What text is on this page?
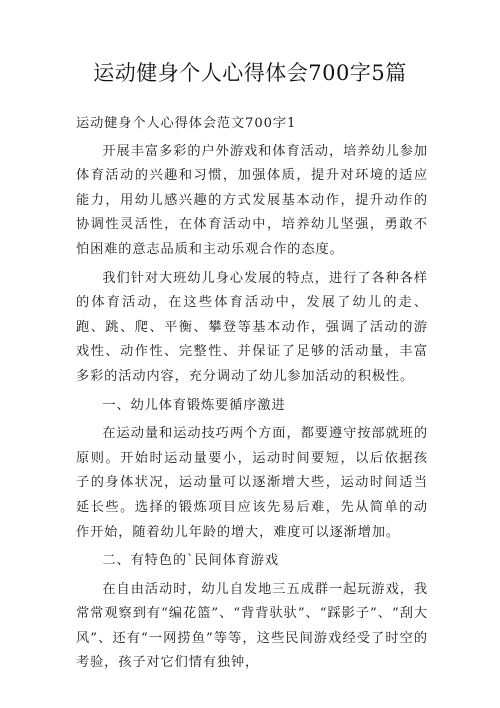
运动健身个人心得体会700字5篇

运动健身个人心得体会范文700字1

开展丰富多彩的户外游戏和体育活动，培养幼儿参加体育活动的兴趣和习惯，加强体质，提升对环境的适应能力，用幼儿感兴趣的方式发展基本动作，提升动作的协调性灵活性，在体育活动中，培养幼儿坚强，勇敢不怕困难的意志品质和主动乐观合作的态度。

我们针对大班幼儿身心发展的特点，进行了各种各样的体育活动，在这些体育活动中，发展了幼儿的走、跑、跳、爬、平衡、攀登等基本动作，强调了活动的游戏性、动作性、完整性、并保证了足够的活动量，丰富多彩的活动内容，充分调动了幼儿参加活动的积极性。

一、幼儿体育锻炼要循序激进

在运动量和运动技巧两个方面，都要遵守按部就班的原则。开始时运动量要小，运动时间要短，以后依据孩子的身体状况，运动量可以逐渐增大些，运动时间适当延长些。选择的锻炼项目应该先易后难，先从简单的动作开始，随着幼儿年龄的增大，难度可以逐渐增加。

二、有特色的`民间体育游戏

在自由活动时，幼儿自发地三五成群一起玩游戏，我常常观察到有“编花篮”、“背背驮驮”、“踩影子”、“刮大风”、还有“一网捞鱼”等等，这些民间游戏经受了时空的考验，孩子对它们情有独钟，
